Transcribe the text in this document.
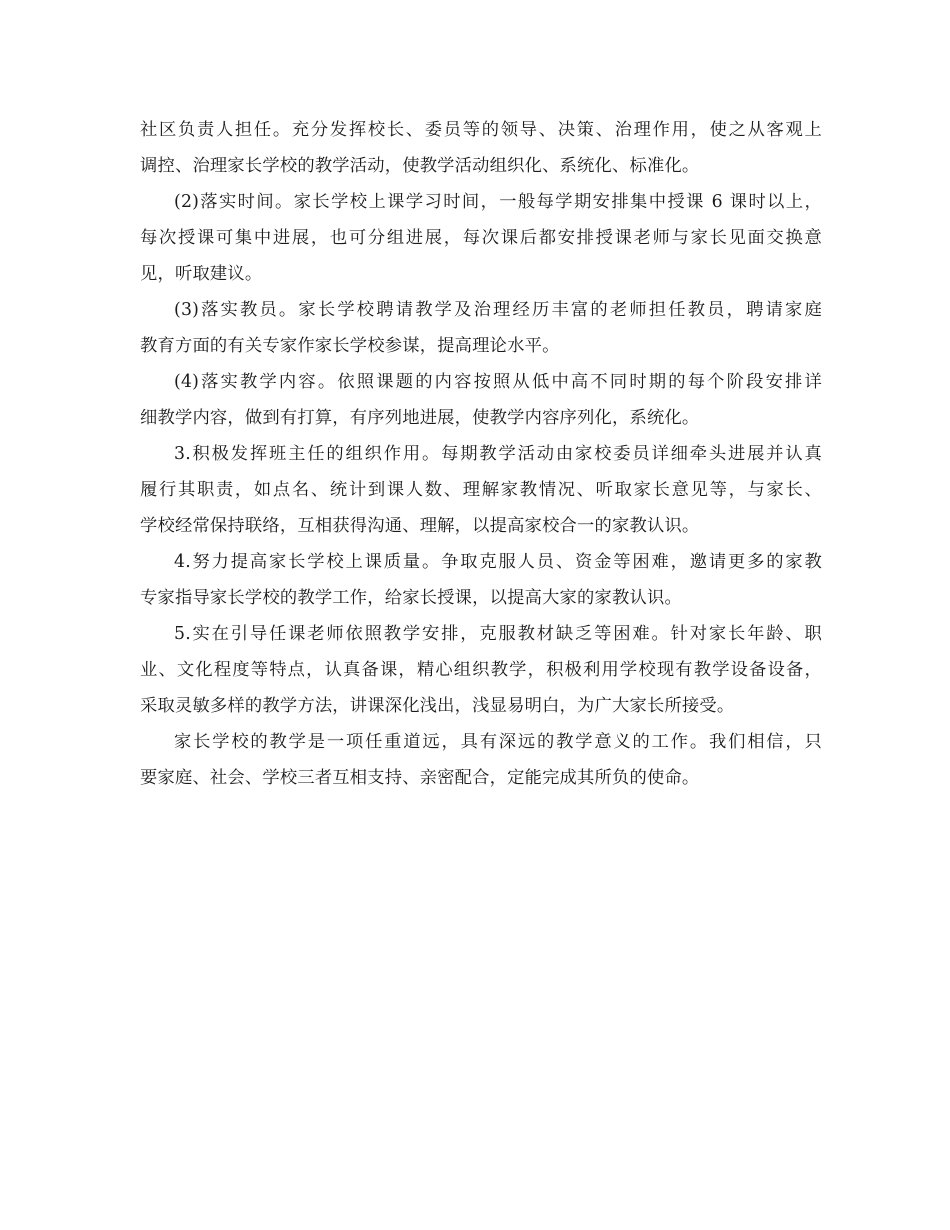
社区负责人担任。充分发挥校长、委员等的领导、决策、治理作用，使之从客观上
调控、治理家长学校的教学活动，使教学活动组织化、系统化、标准化。
(2)落实时间。家长学校上课学习时间，一般每学期安排集中授课 6 课时以上，
每次授课可集中进展，也可分组进展，每次课后都安排授课老师与家长见面交换意
见，听取建议。
(3)落实教员。家长学校聘请教学及治理经历丰富的老师担任教员，聘请家庭
教育方面的有关专家作家长学校参谋，提高理论水平。
(4)落实教学内容。依照课题的内容按照从低中高不同时期的每个阶段安排详
细教学内容，做到有打算，有序列地进展，使教学内容序列化，系统化。
3.积极发挥班主任的组织作用。每期教学活动由家校委员详细牵头进展并认真
履行其职责，如点名、统计到课人数、理解家教情况、听取家长意见等，与家长、
学校经常保持联络，互相获得沟通、理解，以提高家校合一的家教认识。
4.努力提高家长学校上课质量。争取克服人员、资金等困难，邀请更多的家教
专家指导家长学校的教学工作，给家长授课，以提高大家的家教认识。
5.实在引导任课老师依照教学安排，克服教材缺乏等困难。针对家长年龄、职
业、文化程度等特点，认真备课，精心组织教学，积极利用学校现有教学设备设备，
采取灵敏多样的教学方法，讲课深化浅出，浅显易明白，为广大家长所接受。
家长学校的教学是一项任重道远，具有深远的教学意义的工作。我们相信，只
要家庭、社会、学校三者互相支持、亲密配合，定能完成其所负的使命。
